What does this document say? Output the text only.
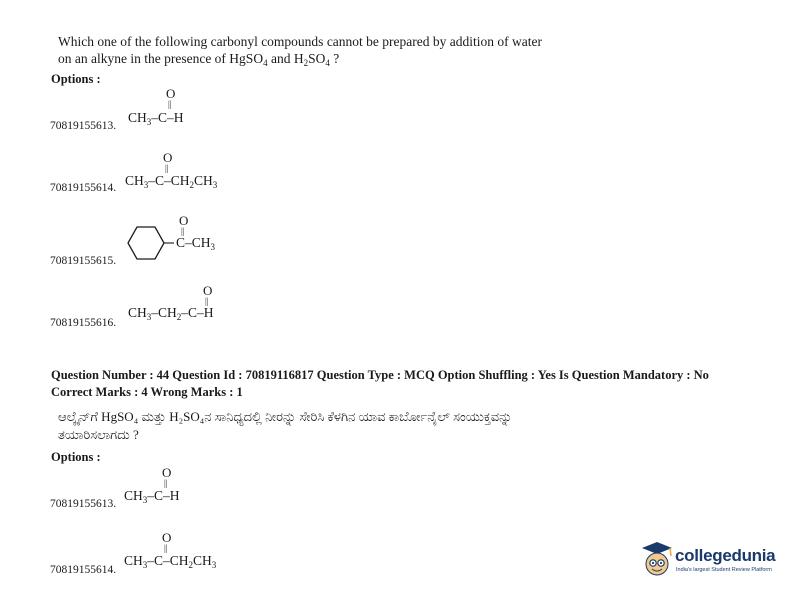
Which one of the following carbonyl compounds cannot be prepared by addition of water
on an alkyne in the presence of HgSO$_4$ and $H_2SO_4$ ?
Options :
70819155613.
O
||
$CH_3-C-H$
70819155614.
O
||
$CH_3-C-CH_2CH_3$
70819155615.
O
||
$C-CH_3$
70819155616.
O
||
$CH_3-CH_2-C-H$
Question Number : 44 Question Id : 70819116817 Question Type : MCQ Option Shuffling : Yes Is Question Mandatory : No
Correct Marks : 4 Wrong Marks : 1
ಆಲ್ಕೈನ್‌ಗೆ HgSO₄ ಮತ್ತು H₂SO₄ನ ಸಾನಿಧ್ಯದಲ್ಲಿ ನೀರನ್ನು ಸೇರಿಸಿ ಕೆಳಗಿನ ಯಾವ ಕಾರ್ಬೋನೈಲ್ ಸಂಯುಕ್ತವನ್ನು
ತಯಾರಿಸಲಾಗದು ?
Options :
70819155613.
O
||
$CH_3-C-H$
70819155614.
O
||
$CH_3-C-CH_2CH_3$	collegedunia
India's largest Student Review Platform
